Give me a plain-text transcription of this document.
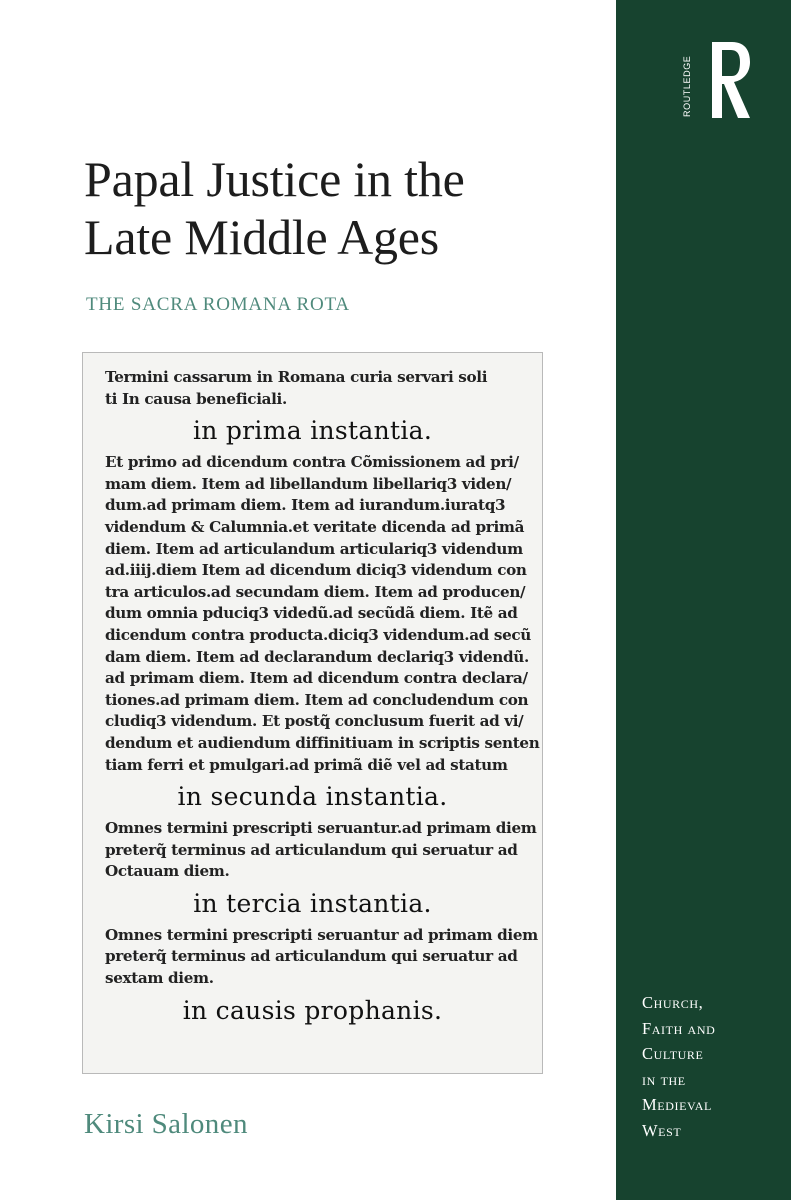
Papal Justice in the
Late Middle Ages
THE SACRA ROMANA ROTA
Termini cassarum in Romana curia servari soli
ti In causa beneficiali.
in prima instantia.
Et primo ad dicendum contra Cõmissionem ad pri/
mam diem. Item ad libellandum libellariq3 viden/
dum.ad primam diem. Item ad iurandum.iuratq3
videndum & Calumnia.et veritate dicenda ad primã
diem. Item ad articulandum articulariq3 videndum
ad.iiij.diem Item ad dicendum diciq3 videndum con
tra articulos.ad secundam diem. Item ad producen/
dum omnia pduciq3 videdũ.ad secũdã diem. Itẽ ad
dicendum contra producta.diciq3 videndum.ad secũ
dam diem. Item ad declarandum declariq3 videndũ.
ad primam diem. Item ad dicendum contra declara/
tiones.ad primam diem. Item ad concludendum con
cludiq3 videndum. Et postq̃ conclusum fuerit ad vi/
dendum et audiendum diffinitiuam in scriptis senten
tiam ferri et pmulgari.ad primã diẽ vel ad statum
in secunda instantia.
Omnes termini prescripti seruantur.ad primam diem
preterq̃ terminus ad articulandum qui seruatur ad
Octauam diem.
in tercia instantia.
Omnes termini prescripti seruantur ad primam diem
preterq̃ terminus ad articulandum qui seruatur ad
sextam diem.
in causis prophanis.
Kirsi Salonen
ROUTLEDGE
Church,
Faith and
Culture
in the
Medieval
West
